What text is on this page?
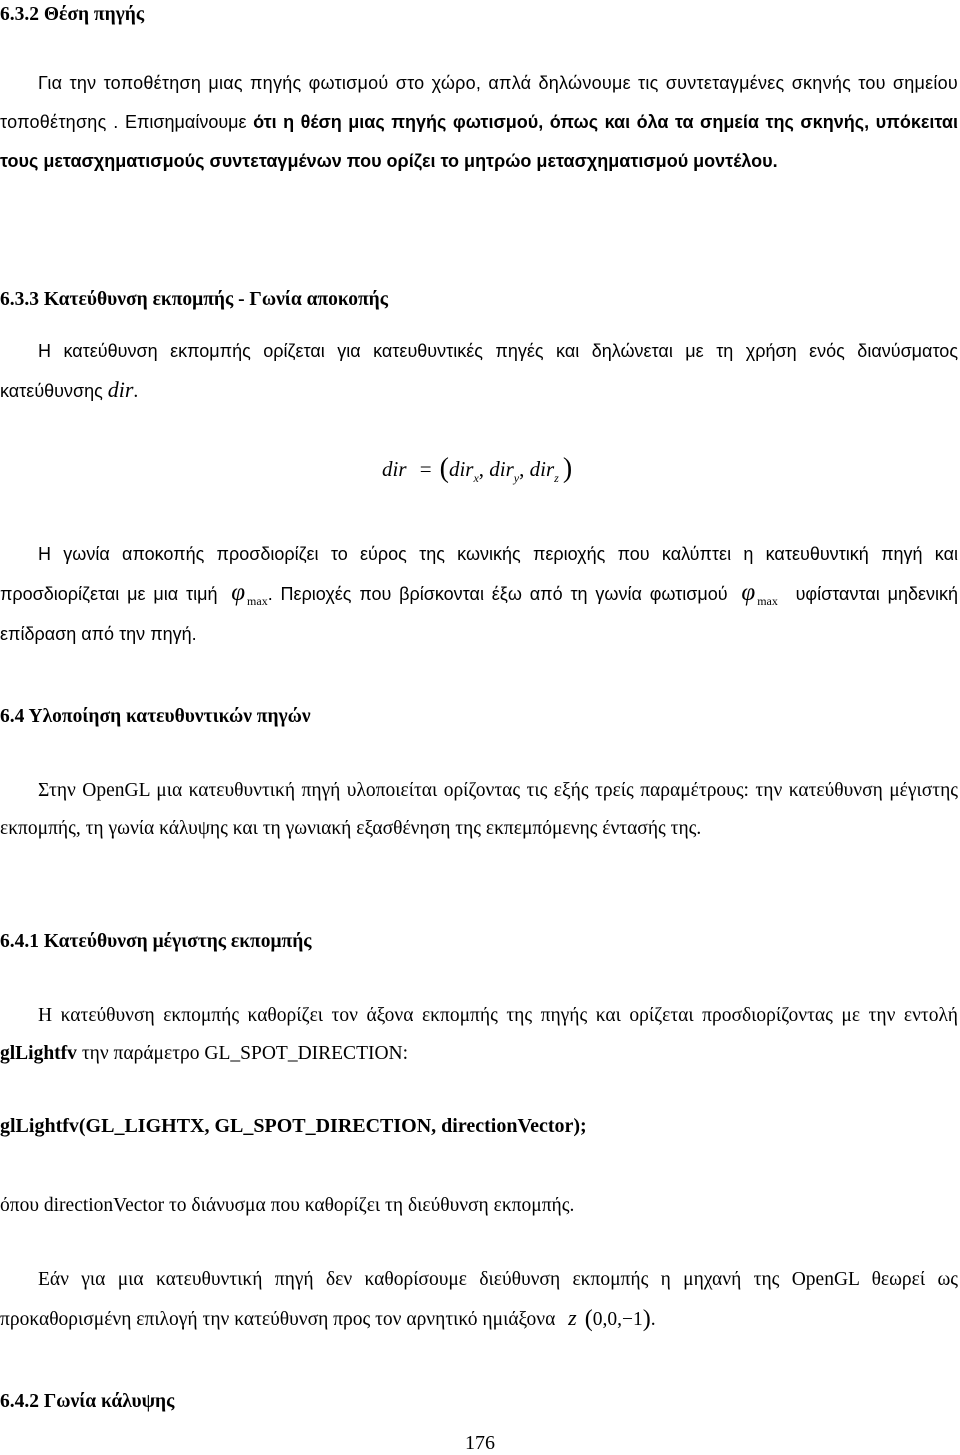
6.3.2 Θέση πηγής

Για την τοποθέτηση μιας πηγής φωτισμού στο χώρο, απλά δηλώνουμε τις συντεταγμένες σκηνής του σημείου τοποθέτησης . Επισημαίνουμε ότι η θέση μιας πηγής φωτισμού, όπως και όλα τα σημεία της σκηνής, υπόκειται τους μετασχηματισμούς συντεταγμένων που ορίζει το μητρώο μετασχηματισμού μοντέλου.

6.3.3 Κατεύθυνση εκπομπής - Γωνία αποκοπής

Η κατεύθυνση εκπομπής ορίζεται για κατευθυντικές πηγές και δηλώνεται με τη χρήση ενός διανύσματος κατεύθυνσης dir.

dir = (dir$_x$, dir$_y$, dir$_z$ )

Η γωνία αποκοπής προσδιορίζει το εύρος της κωνικής περιοχής που καλύπτει η κατευθυντική πηγή και προσδιορίζεται με μια τιμή φ $_{max}$. Περιοχές που βρίσκονται έξω από τη γωνία φωτισμού φ $_{max}$ υφίστανται μηδενική επίδραση από την πηγή.

6.4 Υλοποίηση κατευθυντικών πηγών

Στην OpenGL μια κατευθυντική πηγή υλοποιείται ορίζοντας τις εξής τρείς παραμέτρους: την κατεύθυνση μέγιστης εκπομπής, τη γωνία κάλυψης και τη γωνιακή εξασθένηση της εκπεμπόμενης έντασής της.

6.4.1 Κατεύθυνση μέγιστης εκπομπής

Η κατεύθυνση εκπομπής καθορίζει τον άξονα εκπομπής της πηγής και ορίζεται προσδιορίζοντας με την εντολή glLightfv την παράμετρο GL_SPOT_DIRECTION:

glLightfv(GL_LIGHTX, GL_SPOT_DIRECTION, directionVector);

όπου directionVector το διάνυσμα που καθορίζει τη διεύθυνση εκπομπής.

Εάν για μια κατευθυντική πηγή δεν καθορίσουμε διεύθυνση εκπομπής η μηχανή της OpenGL θεωρεί ως προκαθορισμένη επιλογή την κατεύθυνση προς τον αρνητικό ημιάξονα z (0,0,−1).

6.4.2 Γωνία κάλυψης
176
